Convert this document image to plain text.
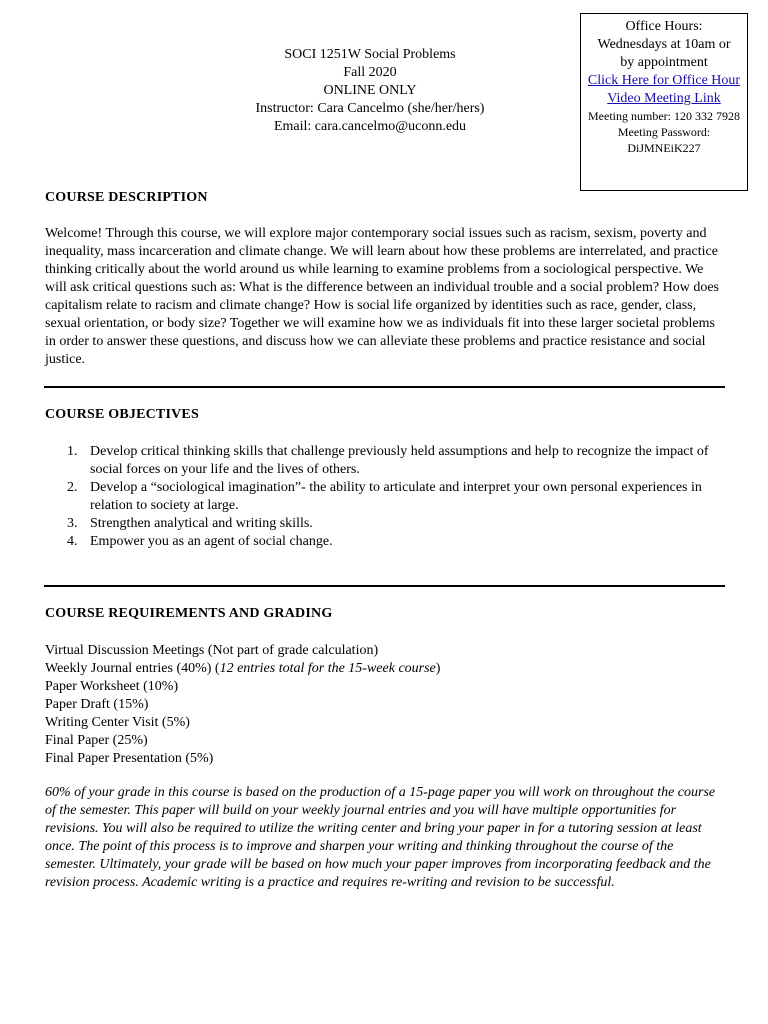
Office Hours:
Wednesdays at 10am or
by appointment
Click Here for Office Hour Video Meeting Link
Meeting number: 120 332 7928
Meeting Password: DiJMNEiK227
SOCI 1251W Social Problems
Fall 2020
ONLINE ONLY
Instructor: Cara Cancelmo (she/her/hers)
Email: cara.cancelmo@uconn.edu
COURSE DESCRIPTION
Welcome! Through this course, we will explore major contemporary social issues such as racism, sexism, poverty and inequality, mass incarceration and climate change. We will learn about how these problems are interrelated, and practice thinking critically about the world around us while learning to examine problems from a sociological perspective. We will ask critical questions such as: What is the difference between an individual trouble and a social problem? How does capitalism relate to racism and climate change? How is social life organized by identities such as race, gender, class, sexual orientation, or body size? Together we will examine how we as individuals fit into these larger societal problems in order to answer these questions, and discuss how we can alleviate these problems and practice resistance and social justice.
COURSE OBJECTIVES
1. Develop critical thinking skills that challenge previously held assumptions and help to recognize the impact of social forces on your life and the lives of others.
2. Develop a “sociological imagination”- the ability to articulate and interpret your own personal experiences in relation to society at large.
3. Strengthen analytical and writing skills.
4. Empower you as an agent of social change.
COURSE REQUIREMENTS AND GRADING
Virtual Discussion Meetings (Not part of grade calculation)
Weekly Journal entries (40%) (12 entries total for the 15-week course)
Paper Worksheet (10%)
Paper Draft (15%)
Writing Center Visit (5%)
Final Paper (25%)
Final Paper Presentation (5%)
60% of your grade in this course is based on the production of a 15-page paper you will work on throughout the course of the semester. This paper will build on your weekly journal entries and you will have multiple opportunities for revisions. You will also be required to utilize the writing center and bring your paper in for a tutoring session at least once. The point of this process is to improve and sharpen your writing and thinking throughout the course of the semester. Ultimately, your grade will be based on how much your paper improves from incorporating feedback and the revision process. Academic writing is a practice and requires re-writing and revision to be successful.
